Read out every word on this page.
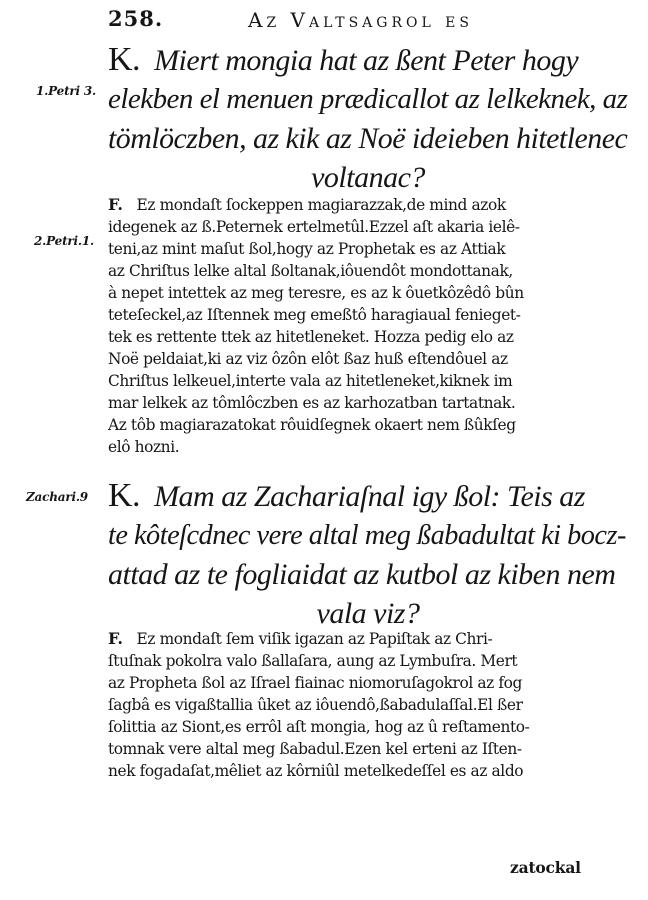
258.	Az Valtsagrol es
1.Petri 3.
2.Petri.1.
Zachari.9
K. Miert mongia hat az ßent Peter hogy
elekben el menuen prædicallot az lelkeknek, az
tömlöczben, az kik az Noë ideieben hitetlenec
voltanac?
F. Ez mondaſt ſockeppen magiarazzak,de mind azok
idegenek az ß.Peternek ertelmetûl.Ezzel aſt akaria ielê-
teni,az mint maſut ßol,hogy az Prophetak es az Attiak
az Chriſtus lelke altal ßoltanak,iôuendôt mondottanak,
à nepet intettek az meg teresre, es az k ôuetkôzêdô bûn
teteſeckel,az Iſtennek meg emeßtô haragiaual fenieget-
tek es rettente ttek az hitetleneket. Hozza pedig elo az
Noë peldaiat,ki az viz ôzôn elôt ßaz huß eſtendôuel az
Chriſtus lelkeuel,interte vala az hitetleneket,kiknek im
mar lelkek az tômlôczben es az karhozatban tartatnak.
Az tôb magiarazatokat rôuidſegnek okaert nem ßûkſeg
elô hozni.
K. Mam az Zachariaſnal igy ßol: Teis az
te kôteſcdnec vere altal meg ßabadultat ki bocz-
attad az te fogliaidat az kutbol az kiben nem
vala viz?
F. Ez mondaſt ſem viſik igazan az Papiſtak az Chri-
ſtuſnak pokolra valo ßallaſara, aung az Lymbuſra. Mert
az Propheta ßol az Iſrael fiainac niomoruſagokrol az fog
ſagbâ es vigaßtallia ûket az iôuendô,ßabadulaſſal.El ßer
ſolittia az Siont,es errôl aſt mongia, hog az û reſtamento-
tomnak vere altal meg ßabadul.Ezen kel erteni az Iſten-
nek fogadaſat,mêliet az kôrniûl metelkedeſſel es az aldo
zatockal
